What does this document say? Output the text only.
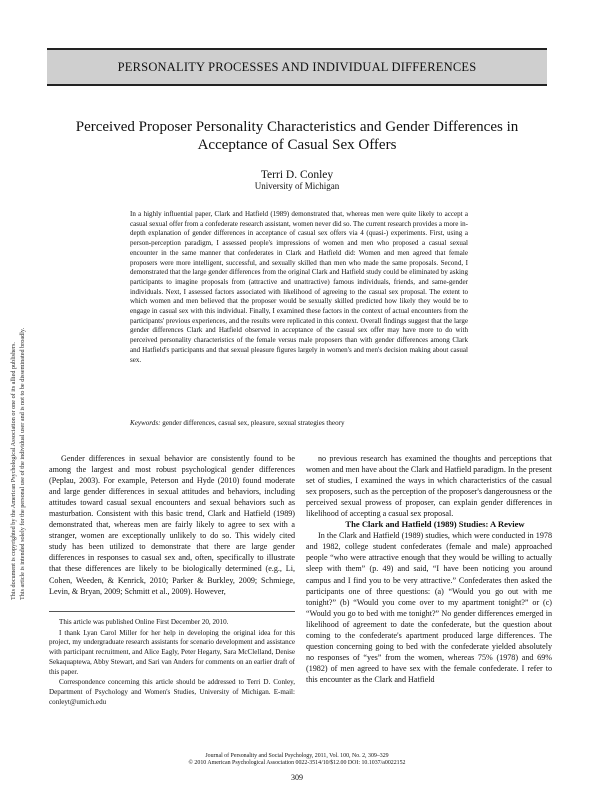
PERSONALITY PROCESSES AND INDIVIDUAL DIFFERENCES
Perceived Proposer Personality Characteristics and Gender Differences in Acceptance of Casual Sex Offers
Terri D. Conley
University of Michigan
In a highly influential paper, Clark and Hatfield (1989) demonstrated that, whereas men were quite likely to accept a casual sexual offer from a confederate research assistant, women never did so. The current research provides a more in-depth explanation of gender differences in acceptance of casual sex offers via 4 (quasi-) experiments. First, using a person-perception paradigm, I assessed people's impressions of women and men who proposed a casual sexual encounter in the same manner that confederates in Clark and Hatfield did: Women and men agreed that female proposers were more intelligent, successful, and sexually skilled than men who made the same proposals. Second, I demonstrated that the large gender differences from the original Clark and Hatfield study could be eliminated by asking participants to imagine proposals from (attractive and unattractive) famous individuals, friends, and same-gender individuals. Next, I assessed factors associated with likelihood of agreeing to the casual sex proposal. The extent to which women and men believed that the proposer would be sexually skilled predicted how likely they would be to engage in casual sex with this individual. Finally, I examined these factors in the context of actual encounters from the participants' previous experiences, and the results were replicated in this context. Overall findings suggest that the large gender differences Clark and Hatfield observed in acceptance of the casual sex offer may have more to do with perceived personality characteristics of the female versus male proposers than with gender differences among Clark and Hatfield's participants and that sexual pleasure figures largely in women's and men's decision making about casual sex.
Keywords: gender differences, casual sex, pleasure, sexual strategies theory

Gender differences in sexual behavior are consistently found to be among the largest and most robust psychological gender differences (Peplau, 2003). For example, Peterson and Hyde (2010) found moderate and large gender differences in sexual attitudes and behaviors, including attitudes toward casual sexual encounters and sexual behaviors such as masturbation. Consistent with this basic trend, Clark and Hatfield (1989) demonstrated that, whereas men are fairly likely to agree to sex with a stranger, women are exceptionally unlikely to do so. This widely cited study has been utilized to demonstrate that there are large gender differences in responses to casual sex and, often, specifically to illustrate that these differences are likely to be biologically determined (e.g., Li, Cohen, Weeden, & Kenrick, 2010; Parker & Burkley, 2009; Schmiege, Levin, & Bryan, 2009; Schmitt et al., 2009). However,

no previous research has examined the thoughts and perceptions that women and men have about the Clark and Hatfield paradigm. In the present set of studies, I examined the ways in which characteristics of the casual sex proposers, such as the perception of the proposer's dangerousness or the perceived sexual prowess of proposer, can explain gender differences in likelihood of accepting a casual sex proposal.

The Clark and Hatfield (1989) Studies: A Review

In the Clark and Hatfield (1989) studies, which were conducted in 1978 and 1982, college student confederates (female and male) approached people “who were attractive enough that they would be willing to actually sleep with them” (p. 49) and said, “I have been noticing you around campus and I find you to be very attractive.” Confederates then asked the participants one of three questions: (a) “Would you go out with me tonight?” (b) “Would you come over to my apartment tonight?” or (c) “Would you go to bed with me tonight?” No gender differences emerged in likelihood of agreement to date the confederate, but the question about coming to the confederate's apartment produced large differences. The question concerning going to bed with the confederate yielded absolutely no responses of “yes” from the women, whereas 75% (1978) and 69% (1982) of men agreed to have sex with the female confederate. I refer to this encounter as the Clark and Hatfield

This article was published Online First December 20, 2010.

I thank Lyan Carol Miller for her help in developing the original idea for this project, my undergraduate research assistants for scenario development and assistance with participant recruitment, and Alice Eagly, Peter Hegarty, Sara McClelland, Denise Sekaquaptewa, Abby Stewart, and Sari van Anders for comments on an earlier draft of this paper.

Correspondence concerning this article should be addressed to Terri D. Conley, Department of Psychology and Women's Studies, University of Michigan. E-mail: conleyt@umich.edu

Journal of Personality and Social Psychology, 2011, Vol. 100, No. 2, 309–329
© 2010 American Psychological Association 0022-3514/10/$12.00 DOI: 10.1037/a0022152
309
This document is copyrighted by the American Psychological Association or one of its allied publishers. This article is intended solely for the personal use of the individual user and is not to be disseminated broadly.
